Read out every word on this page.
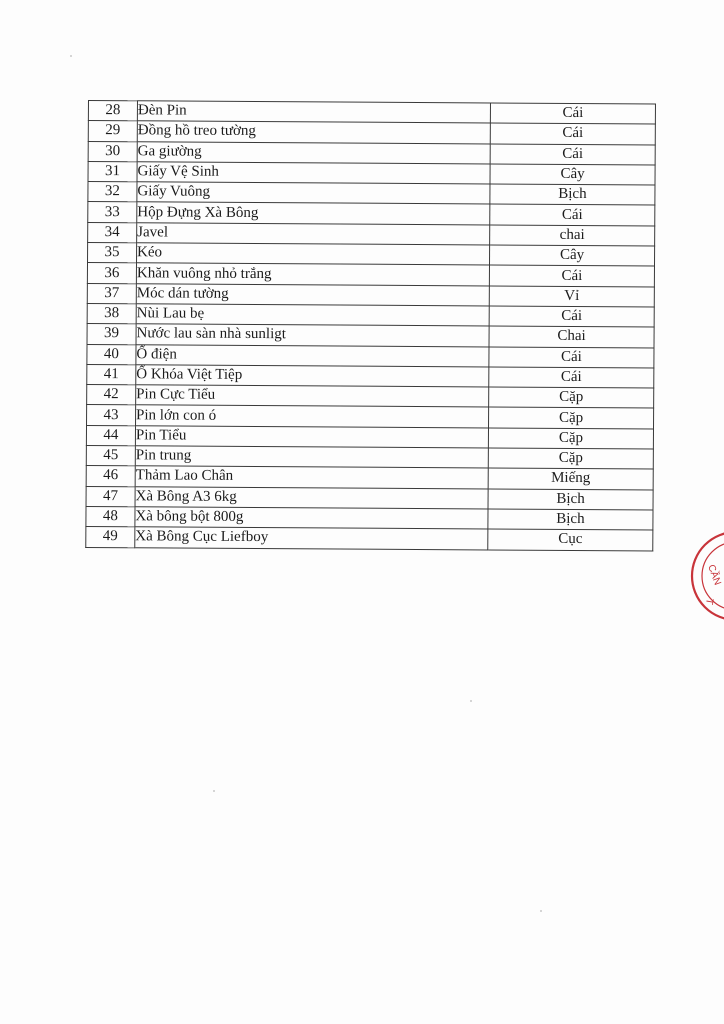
28	Đèn Pin	Cái
29	Đồng hồ treo tường	Cái
30	Ga giường	Cái
31	Giấy Vệ Sinh	Cây
32	Giấy Vuông	Bịch
33	Hộp Đựng Xà Bông	Cái
34	Javel	chai
35	Kéo	Cây
36	Khăn vuông nhỏ trắng	Cái
37	Móc dán tường	Vỉ
38	Nùi Lau bẹ	Cái
39	Nước lau sàn nhà sunligt	Chai
40	Ổ điện	Cái
41	Ổ Khóa Việt Tiệp	Cái
42	Pin Cực Tiểu	Cặp
43	Pin lớn con ó	Cặp
44	Pin Tiểu	Cặp
45	Pin trung	Cặp
46	Thảm Lao Chân	Miếng
47	Xà Bông A3 6kg	Bịch
48	Xà bông bột 800g	Bịch
49	Xà Bông Cục Liefboy	Cục
CẦN
T
